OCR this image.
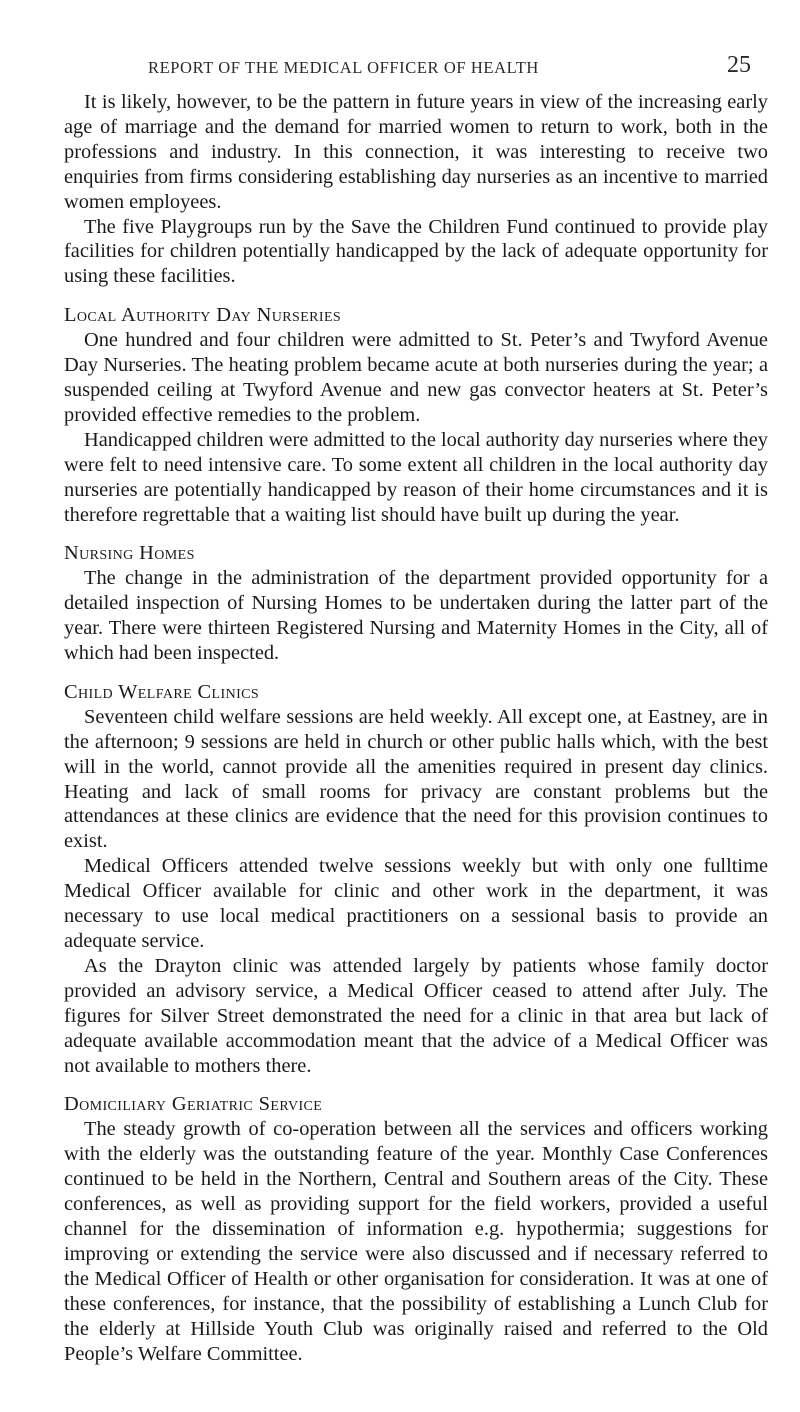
REPORT OF THE MEDICAL OFFICER OF HEALTH	25

It is likely, however, to be the pattern in future years in view of the increasing early age of marriage and the demand for married women to return to work, both in the professions and industry. In this connection, it was interesting to receive two enquiries from firms considering establishing day nurseries as an incentive to married women employees.

The five Playgroups run by the Save the Children Fund continued to provide play facilities for children potentially handicapped by the lack of adequate opportunity for using these facilities.

Local Authority Day Nurseries

One hundred and four children were admitted to St. Peter’s and Twyford Avenue Day Nurseries. The heating problem became acute at both nurseries during the year; a suspended ceiling at Twyford Avenue and new gas convector heaters at St. Peter’s provided effective remedies to the problem.

Handicapped children were admitted to the local authority day nurseries where they were felt to need intensive care. To some extent all children in the local authority day nurseries are potentially handicapped by reason of their home circumstances and it is therefore regrettable that a waiting list should have built up during the year.

Nursing Homes

The change in the administration of the department provided opportunity for a detailed inspection of Nursing Homes to be undertaken during the latter part of the year. There were thirteen Registered Nursing and Maternity Homes in the City, all of which had been inspected.

Child Welfare Clinics

Seventeen child welfare sessions are held weekly. All except one, at Eastney, are in the afternoon; 9 sessions are held in church or other public halls which, with the best will in the world, cannot provide all the amenities required in present day clinics. Heating and lack of small rooms for privacy are constant problems but the attendances at these clinics are evidence that the need for this provision continues to exist.

Medical Officers attended twelve sessions weekly but with only one fulltime Medical Officer available for clinic and other work in the department, it was necessary to use local medical practitioners on a sessional basis to provide an adequate service.

As the Drayton clinic was attended largely by patients whose family doctor provided an advisory service, a Medical Officer ceased to attend after July. The figures for Silver Street demonstrated the need for a clinic in that area but lack of adequate available accommodation meant that the advice of a Medical Officer was not available to mothers there.

Domiciliary Geriatric Service

The steady growth of co-operation between all the services and officers working with the elderly was the outstanding feature of the year. Monthly Case Conferences continued to be held in the Northern, Central and Southern areas of the City. These conferences, as well as providing support for the field workers, provided a useful channel for the dissemination of information e.g. hypothermia; suggestions for improving or extending the service were also discussed and if necessary referred to the Medical Officer of Health or other organisation for consideration. It was at one of these conferences, for instance, that the possibility of establishing a Lunch Club for the elderly at Hillside Youth Club was originally raised and referred to the Old People’s Welfare Committee.
